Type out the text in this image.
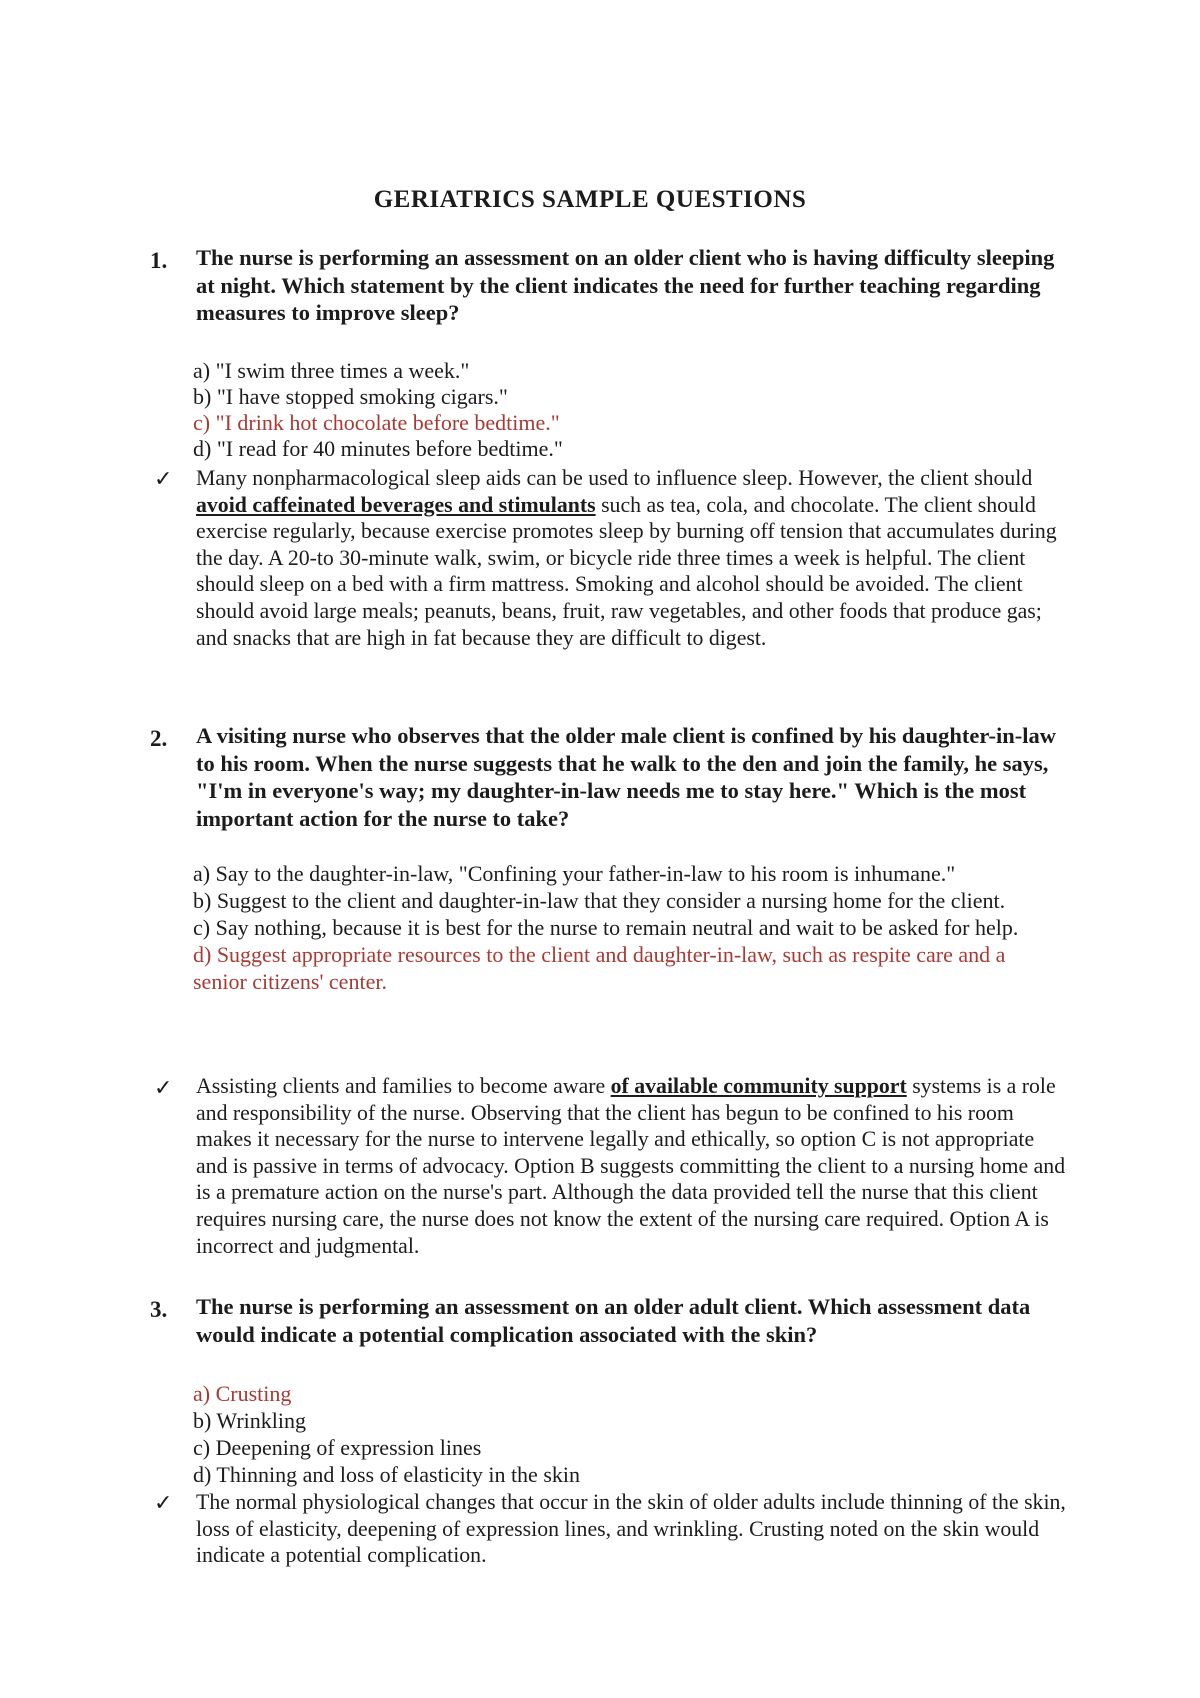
GERIATRICS SAMPLE QUESTIONS
1. The nurse is performing an assessment on an older client who is having difficulty sleeping at night. Which statement by the client indicates the need for further teaching regarding measures to improve sleep?

a) "I swim three times a week."

b) "I have stopped smoking cigars."

c) "I drink hot chocolate before bedtime."

d) "I read for 40 minutes before bedtime."

✓ Many nonpharmacological sleep aids can be used to influence sleep. However, the client should avoid caffeinated beverages and stimulants such as tea, cola, and chocolate. The client should exercise regularly, because exercise promotes sleep by burning off tension that accumulates during the day. A 20-to 30-minute walk, swim, or bicycle ride three times a week is helpful. The client should sleep on a bed with a firm mattress. Smoking and alcohol should be avoided. The client should avoid large meals; peanuts, beans, fruit, raw vegetables, and other foods that produce gas; and snacks that are high in fat because they are difficult to digest.
2. A visiting nurse who observes that the older male client is confined by his daughter-in-law to his room. When the nurse suggests that he walk to the den and join the family, he says, "I'm in everyone's way; my daughter-in-law needs me to stay here." Which is the most important action for the nurse to take?

a) Say to the daughter-in-law, "Confining your father-in-law to his room is inhumane."

b) Suggest to the client and daughter-in-law that they consider a nursing home for the client.

c) Say nothing, because it is best for the nurse to remain neutral and wait to be asked for help.

d) Suggest appropriate resources to the client and daughter-in-law, such as respite care and a senior citizens' center.

✓ Assisting clients and families to become aware of available community support systems is a role and responsibility of the nurse. Observing that the client has begun to be confined to his room makes it necessary for the nurse to intervene legally and ethically, so option C is not appropriate and is passive in terms of advocacy. Option B suggests committing the client to a nursing home and is a premature action on the nurse's part. Although the data provided tell the nurse that this client requires nursing care, the nurse does not know the extent of the nursing care required. Option A is incorrect and judgmental.
3. The nurse is performing an assessment on an older adult client. Which assessment data would indicate a potential complication associated with the skin?

a) Crusting

b) Wrinkling

c) Deepening of expression lines

d) Thinning and loss of elasticity in the skin

✓ The normal physiological changes that occur in the skin of older adults include thinning of the skin, loss of elasticity, deepening of expression lines, and wrinkling. Crusting noted on the skin would indicate a potential complication.
